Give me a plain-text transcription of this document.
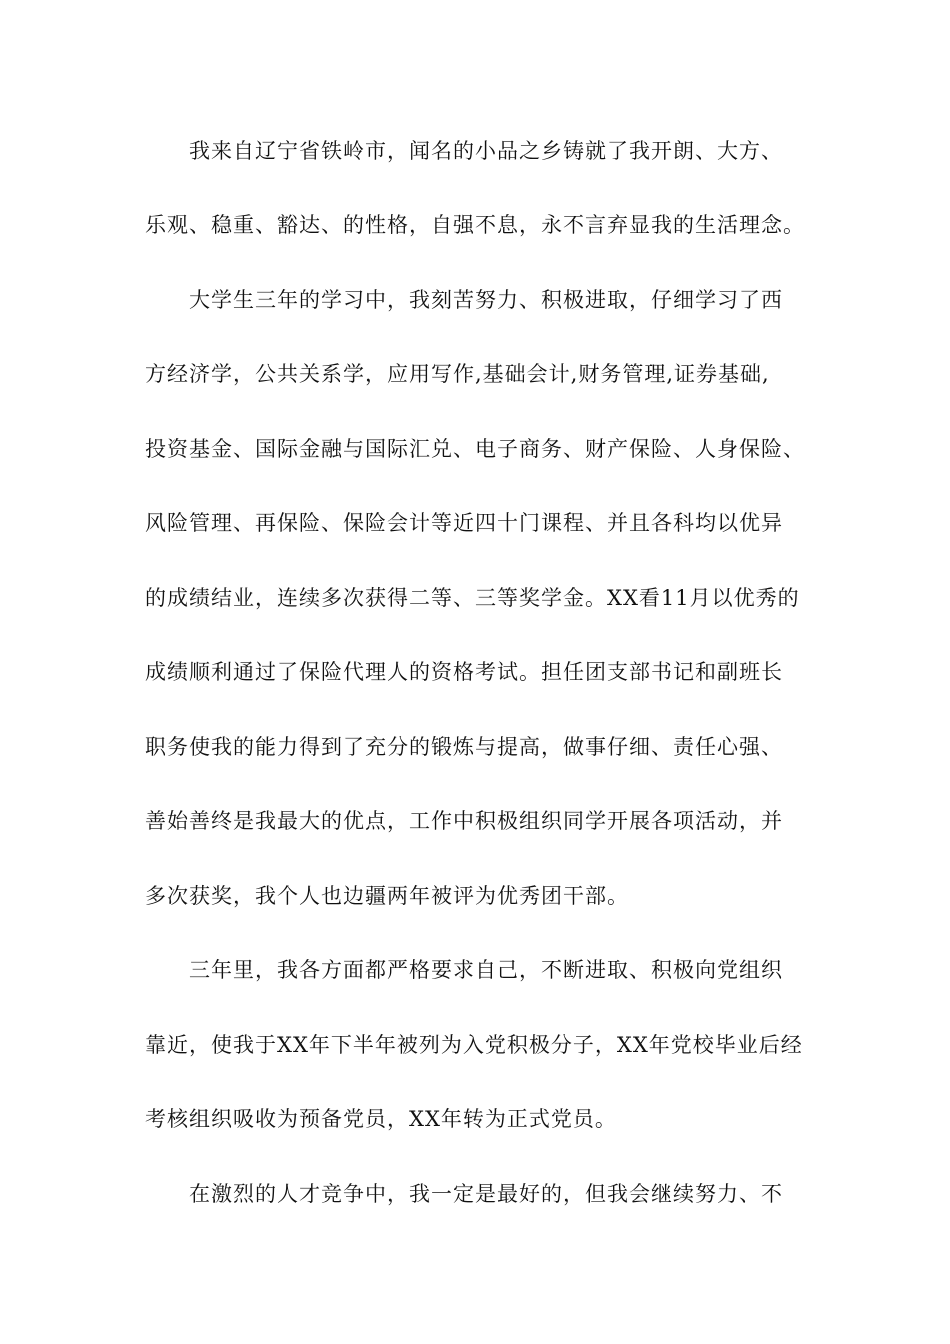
我来自辽宁省铁岭市，闻名的小品之乡铸就了我开朗、大方、
乐观、稳重、豁达、的性格，自强不息，永不言弃显我的生活理念。
大学生三年的学习中，我刻苦努力、积极进取，仔细学习了西
方经济学，公共关系学，应用写作,基础会计,财务管理,证券基础,
投资基金、国际金融与国际汇兑、电子商务、财产保险、人身保险、
风险管理、再保险、保险会计等近四十门课程、并且各科均以优异
的成绩结业，连续多次获得二等、三等奖学金。XX看11月以优秀的
成绩顺利通过了保险代理人的资格考试。担任团支部书记和副班长
职务使我的能力得到了充分的锻炼与提高，做事仔细、责任心强、
善始善终是我最大的优点，工作中积极组织同学开展各项活动，并
多次获奖，我个人也边疆两年被评为优秀团干部。
三年里，我各方面都严格要求自己，不断进取、积极向党组织
靠近，使我于XX年下半年被列为入党积极分子，XX年党校毕业后经
考核组织吸收为预备党员，XX年转为正式党员。
在激烈的人才竞争中，我一定是最好的，但我会继续努力、不
